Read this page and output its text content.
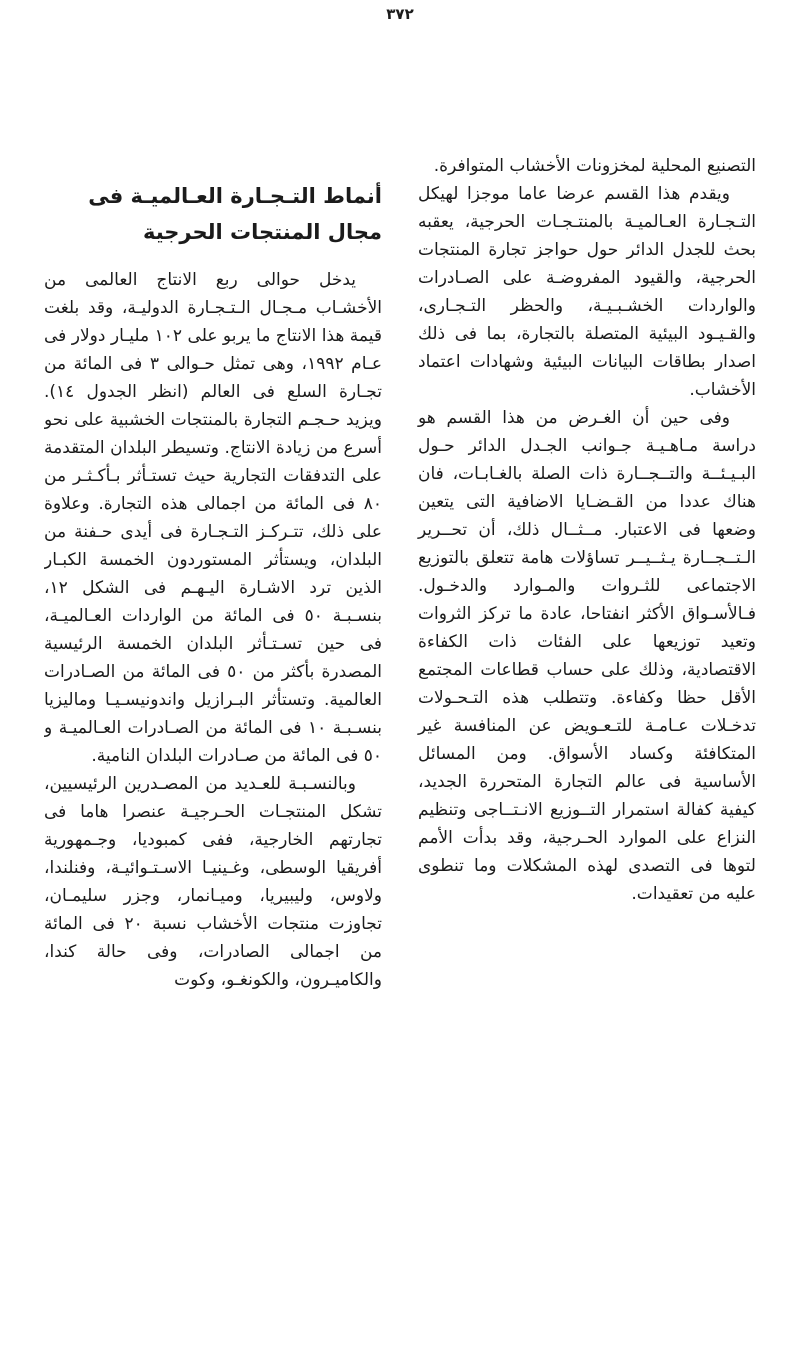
٣٧٢

التصنيع المحلية لمخزونات الأخشاب المتوافرة.

ويقدم هذا القسم عرضا عاما موجزا لهيكل التـجـارة العـالميـة بالمنتـجـات الحرجية، يعقبه بحث للجدل الدائر حول حواجز تجارة المنتجات الحرجية، والقيود المفروضـة على الصـادرات والواردات الخشـبـيـة، والحظر التـجـارى، والقـيـود البيئية المتصلة بالتجارة، بما فى ذلك اصدار بطاقات البيانات البيئية وشهادات اعتماد الأخشاب.

وفى حين أن الغـرض من هذا القسم هو دراسة مـاهـيـة جـوانب الجـدل الدائر حـول البـيـئــة والتــجــارة ذات الصلة بالغـابـات، فان هناك عددا من القـضـايا الاضافية التى يتعين وضعها فى الاعتبار. مــثــال ذلك، أن تحــرير الـتــجــارة يـثــيــر تساؤلات هامة تتعلق بالتوزيع الاجتماعى للثـروات والمـوارد والدخـول. فـالأسـواق الأكثر انفتاحا، عادة ما تركز الثروات وتعيد توزيعها على الفئات ذات الكفاءة الاقتصادية، وذلك على حساب قطاعات المجتمع الأقل حظا وكفاءة. وتتطلب هذه التـحـولات تدخـلات عـامـة للتـعـويض عن المنافسة غير المتكافئة وكساد الأسواق. ومن المسائل الأساسية فى عالم التجارة المتحررة الجديد، كيفية كفالة استمرار التــوزيع الانـتــاجى وتنظيم النزاع على الموارد الحـرجية، وقد بدأت الأمم لتوها فى التصدى لهذه المشكلات وما تنطوى عليه من تعقيدات.

أنماط التـجـارة العـالميـة فى
مجال المنتجات الحرجية

يدخل حوالى ربع الانتاج العالمى من الأخشـاب مـجـال الـتـجـارة الدوليـة، وقد بلغت قيمة هذا الانتاج ما يربو على ١٠٢ مليـار دولار فى عـام ١٩٩٢، وهى تمثل حـوالى ٣ فى المائة من تجـارة السلع فى العالم (انظر الجدول ١٤). ويزيد حـجـم التجارة بالمنتجات الخشبية على نحو أسرع من زيادة الانتاج. وتسيطر البلدان المتقدمة على التدفقات التجارية حيث تستـأثر بـأكـثـر من ٨٠ فى المائة من اجمالى هذه التجارة. وعلاوة على ذلك، تتـركـز التـجـارة فى أيدى حـفنة من البلدان، ويستأثر المستوردون الخمسة الكبـار الذين ترد الاشـارة اليـهـم فى الشكل ١٢، بنسـبـة ٥٠ فى المائة من الواردات العـالميـة، فى حين تسـتـأثر البلدان الخمسة الرئيسية المصدرة بأكثر من ٥٠ فى المائة من الصـادرات العالمية. وتستأثر البـرازيل واندونيسـيـا وماليزيا بنسـبـة ١٠ فى المائة من الصـادرات العـالميـة و ٥٠ فى المائة من صـادرات البلدان النامية.

وبالنسـبـة للعـديد من المصـدرين الرئيسيين، تشكل المنتجـات الحـرجيـة عنصرا هاما فى تجارتهم الخارجية، ففى كمبوديا، وجـمهورية أفريقيا الوسطى، وغـينيـا الاسـتـوائيـة، وفنلندا، ولاوس، وليبيريا، وميـانمار، وجزر سليمـان، تجاوزت منتجات الأخشاب نسبة ٢٠ فى المائة من اجمالى الصادرات، وفى حالة كندا، والكاميـرون، والكونغـو، وكوت
